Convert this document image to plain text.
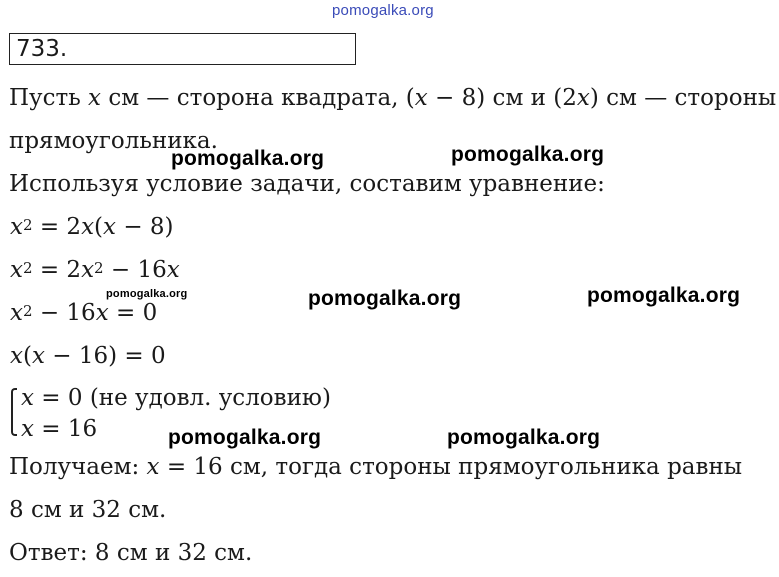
pomogalka.org
733.
Пусть x см — сторона квадрата, (x − 8) см и (2x) см — стороны
прямоугольника.
Используя условие задачи, составим уравнение:
$x^2 = 2x(x - 8)$
$x^2 = 2x^2 - 16x$
$x^2 - 16x = 0$
x(x − 16) = 0
x = 0 (не удовл. условию)
x = 16
Получаем: x = 16 см, тогда стороны прямоугольника равны
8 см и 32 см.
Ответ: 8 см и 32 см.
pomogalka.org	pomogalka.org
pomogalka.org	pomogalka.org	pomogalka.org
pomogalka.org	pomogalka.org
